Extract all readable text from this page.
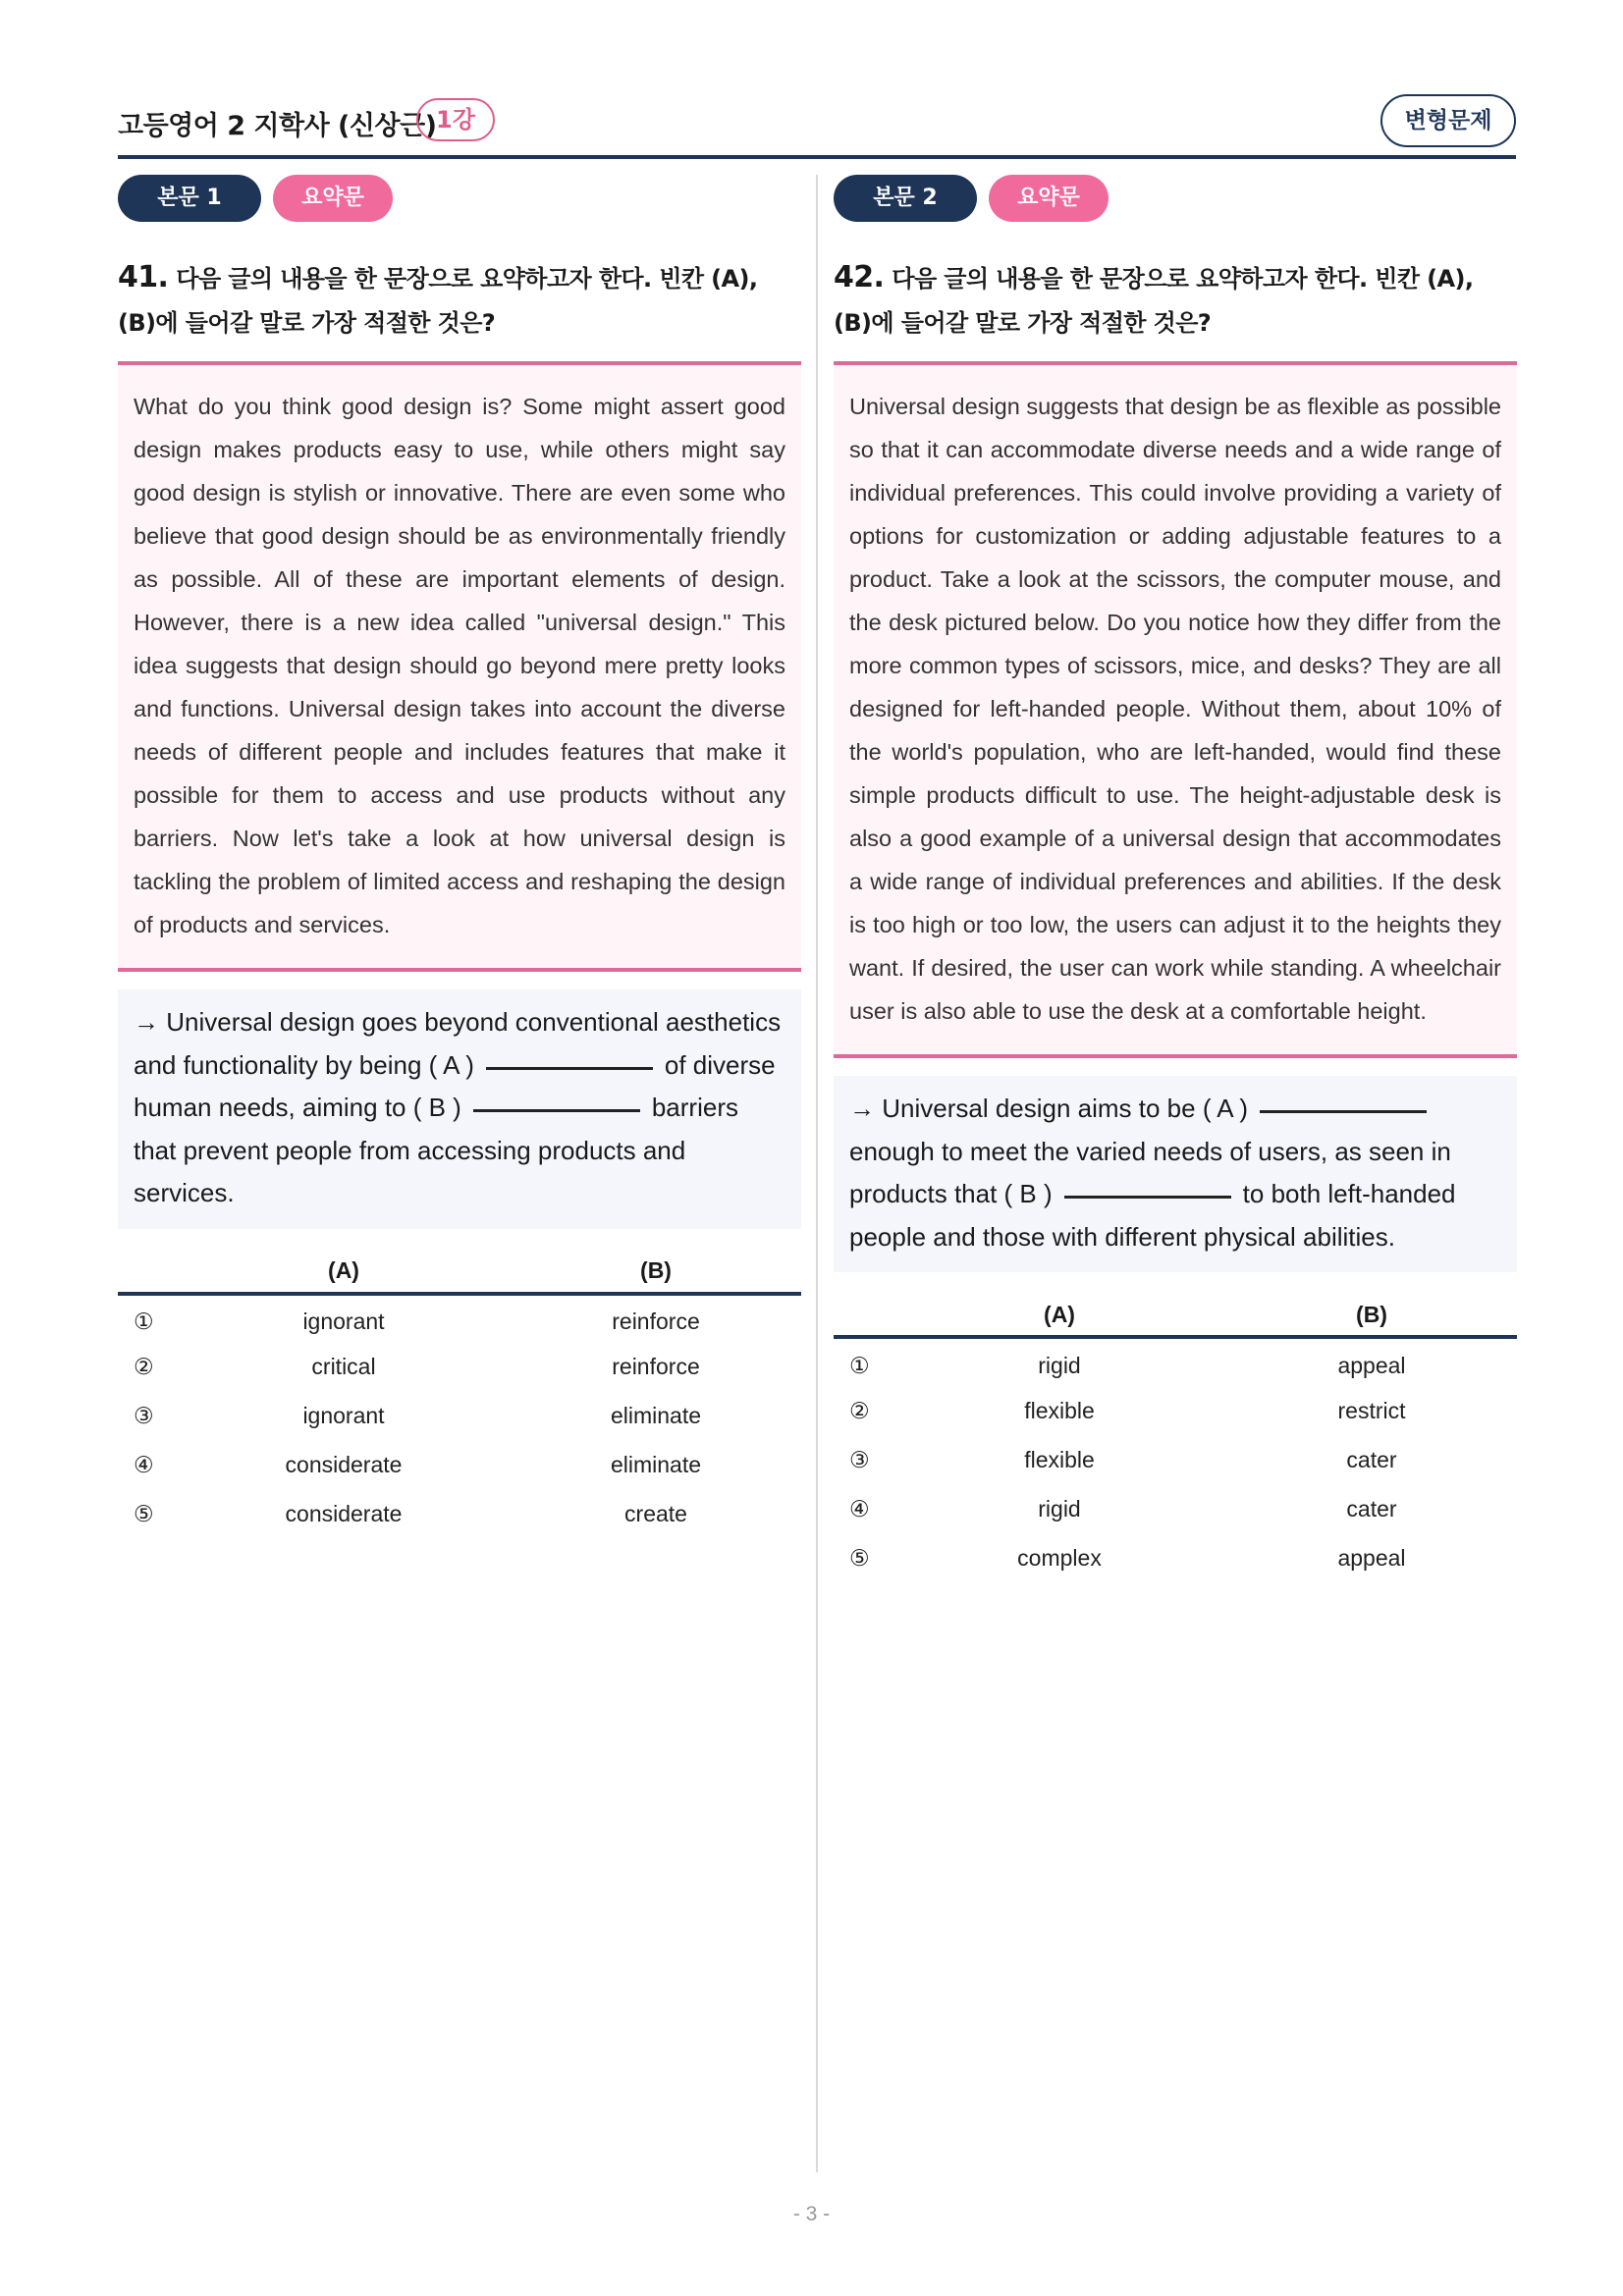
고등영어 2 지학사 (신상근) 1강	변형문제
본문 1	요약문
41. 다음 글의 내용을 한 문장으로 요약하고자 한다. 빈칸 (A), (B)에 들어갈 말로 가장 적절한 것은?
What do you think good design is? Some might assert good design makes products easy to use, while others might say good design is stylish or innovative. There are even some who believe that good design should be as environmentally friendly as possible. All of these are important elements of design. However, there is a new idea called "universal design." This idea suggests that design should go beyond mere pretty looks and functions. Universal design takes into account the diverse needs of different people and includes features that make it possible for them to access and use products without any barriers. Now let's take a look at how universal design is tackling the problem of limited access and reshaping the design of products and services.
→ Universal design goes beyond conventional aesthetics and functionality by being ( A )	of diverse human needs, aiming to ( B )	barriers that prevent people from accessing products and services.
	(A)	(B)
①	ignorant	reinforce
②	critical	reinforce
③	ignorant	eliminate
④	considerate	eliminate
⑤	considerate	create
본문 2	요약문
42. 다음 글의 내용을 한 문장으로 요약하고자 한다. 빈칸 (A), (B)에 들어갈 말로 가장 적절한 것은?
Universal design suggests that design be as flexible as possible so that it can accommodate diverse needs and a wide range of individual preferences. This could involve providing a variety of options for customization or adding adjustable features to a product. Take a look at the scissors, the computer mouse, and the desk pictured below. Do you notice how they differ from the more common types of scissors, mice, and desks? They are all designed for left-handed people. Without them, about 10% of the world's population, who are left-handed, would find these simple products difficult to use. The height-adjustable desk is also a good example of a universal design that accommodates a wide range of individual preferences and abilities. If the desk is too high or too low, the users can adjust it to the heights they want. If desired, the user can work while standing. A wheelchair user is also able to use the desk at a comfortable height.
→ Universal design aims to be ( A )enough to meet the varied needs of users, as seen in products that ( B )	to both left-handed people and those with different physical abilities.
	(A)	(B)
①	rigid	appeal
②	flexible	restrict
③	flexible	cater
④	rigid	cater
⑤	complex	appeal
- 3 -
